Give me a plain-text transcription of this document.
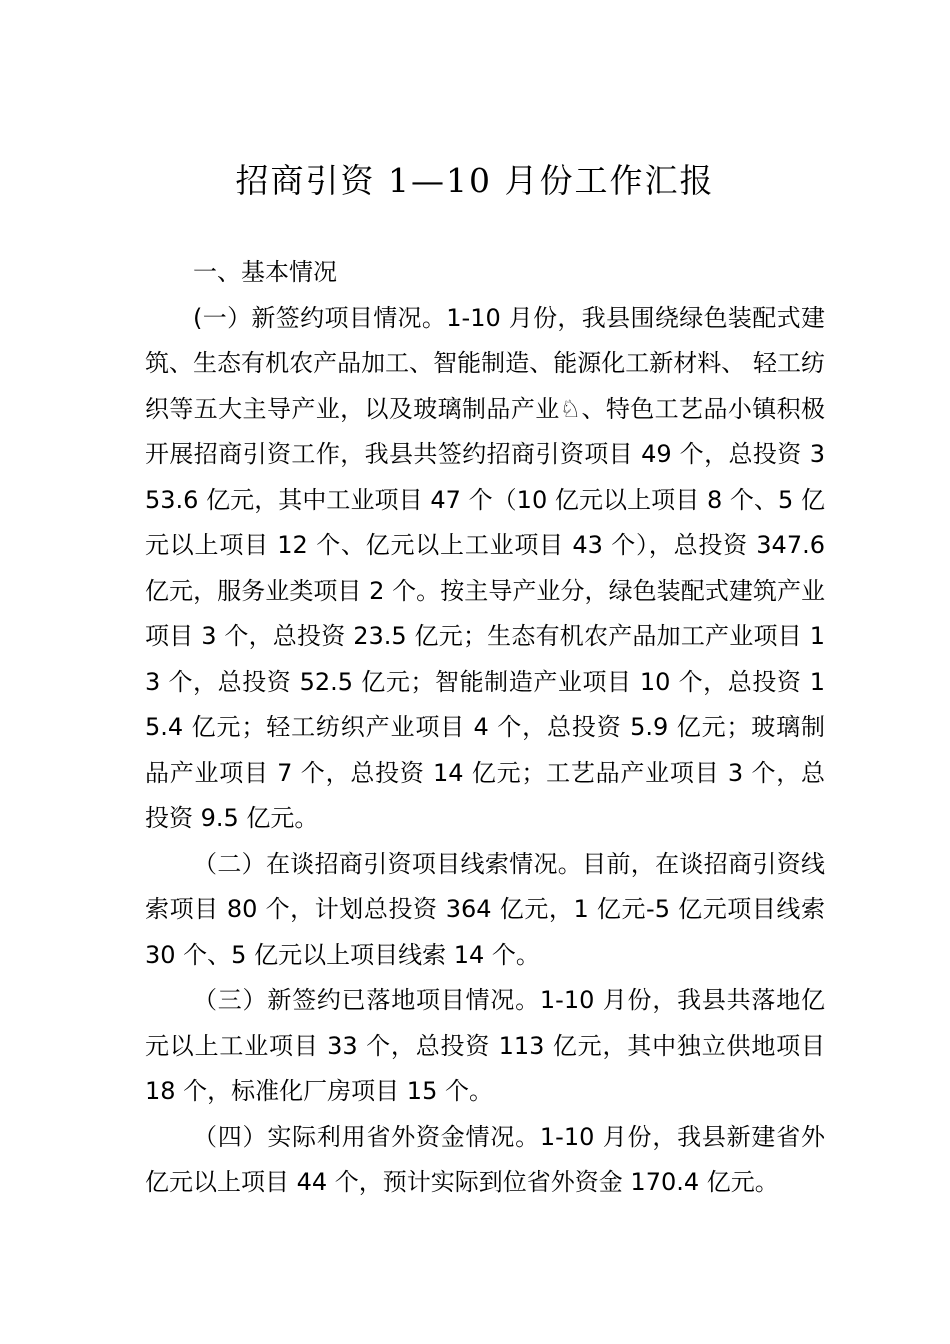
招商引资 1—10 月份工作汇报

一、基本情况

(一）新签约项目情况。1-10 月份，我县围绕绿色装配式建筑、生态有机农产品加工、智能制造、能源化工新材料、 轻工纺织等五大主导产业，以及玻璃制品产业♘、特色工艺品小镇积极开展招商引资工作，我县共签约招商引资项目 49 个，总投资 353.6 亿元，其中工业项目 47 个（10 亿元以上项目 8 个、5 亿元以上项目 12 个、亿元以上工业项目 43 个），总投资 347.6 亿元，服务业类项目 2 个。按主导产业分，绿色装配式建筑产业项目 3 个，总投资 23.5 亿元；生态有机农产品加工产业项目 13 个，总投资 52.5 亿元；智能制造产业项目 10 个，总投资 15.4 亿元；轻工纺织产业项目 4 个，总投资 5.9 亿元；玻璃制品产业项目 7 个，总投资 14 亿元；工艺品产业项目 3 个，总投资 9.5 亿元。

（二）在谈招商引资项目线索情况。目前，在谈招商引资线索项目 80 个，计划总投资 364 亿元，1 亿元-5 亿元项目线索 30 个、5 亿元以上项目线索 14 个。

（三）新签约已落地项目情况。1-10 月份，我县共落地亿元以上工业项目 33 个，总投资 113 亿元，其中独立供地项目 18 个，标准化厂房项目 15 个。

（四）实际利用省外资金情况。1-10 月份，我县新建省外亿元以上项目 44 个，预计实际到位省外资金 170.4 亿元。
